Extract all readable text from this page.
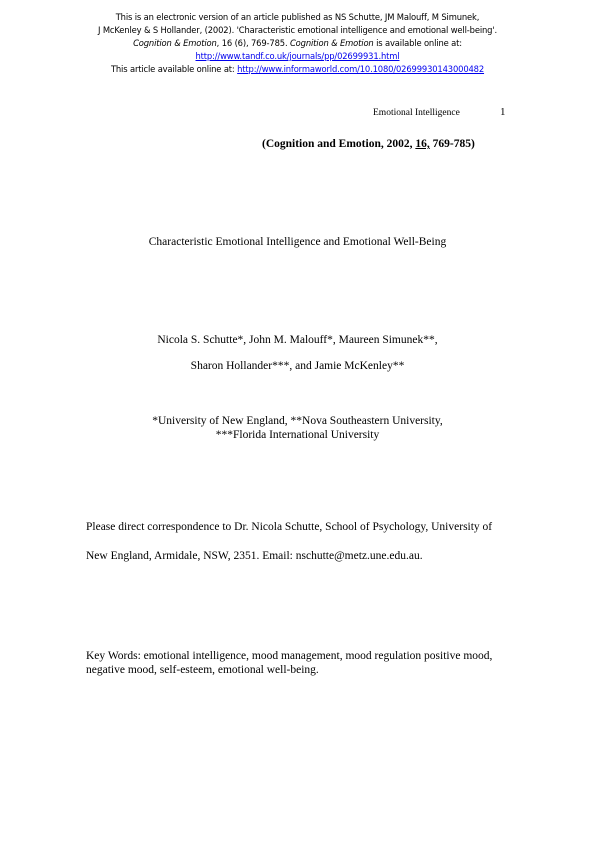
This is an electronic version of an article published as NS Schutte, JM Malouff, M Simunek,
J McKenley & S Hollander, (2002). 'Characteristic emotional intelligence and emotional well-being'.
Cognition & Emotion, 16 (6), 769-785. Cognition & Emotion is available online at:
http://www.tandf.co.uk/journals/pp/02699931.html
This article available online at: http://www.informaworld.com/10.1080/02699930143000482
Emotional Intelligence	1
(Cognition and Emotion, 2002, 16, 769-785)
Characteristic Emotional Intelligence and Emotional Well-Being
Nicola S. Schutte*, John M. Malouff*, Maureen Simunek**,
Sharon Hollander***, and Jamie McKenley**
*University of New England, **Nova Southeastern University,
***Florida International University
Please direct correspondence to Dr. Nicola Schutte, School of Psychology, University of
New England, Armidale, NSW, 2351. Email: nschutte@metz.une.edu.au.
Key Words: emotional intelligence, mood management, mood regulation positive mood, negative mood, self-esteem, emotional well-being.
